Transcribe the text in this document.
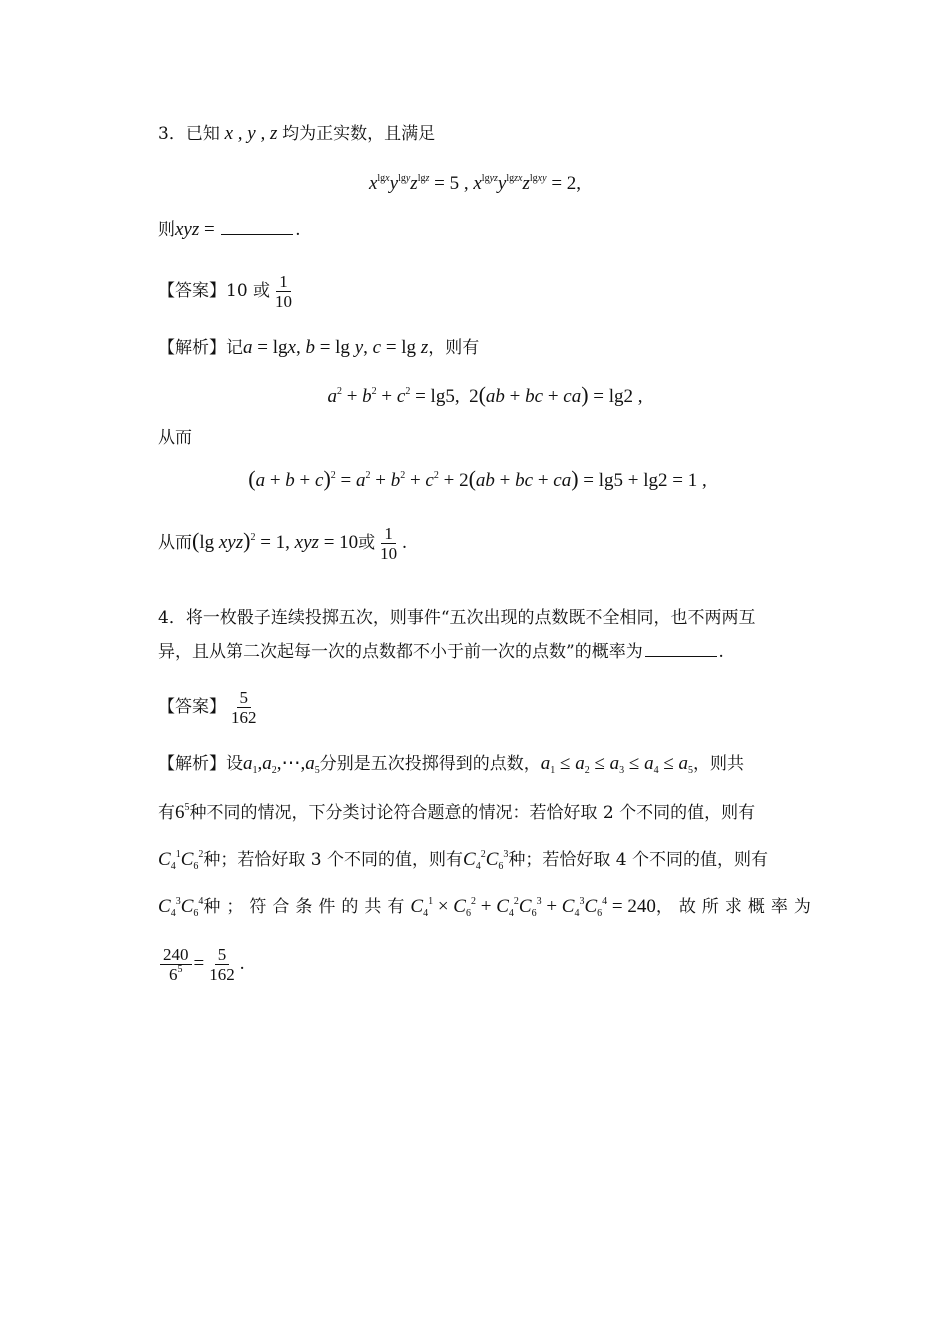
3．已知 x , y , z 均为正实数，且满足
$x^{lgx}y^{lgy}z^{lgz} = 5$ , $x^{lgyz}y^{lgzx}z^{lgxy} = 2$,
则xyz =	.
【答案】10 或 $\frac{1}{10}$
【解析】记a = lgx, b = lg y, c = lg z，则有
$a^2 + b^2 + c^2 = \lg 5$,  2(ab + bc + ca) = lg2 ,
从而
$(a + b + c)^2 = a^2 + b^2 + c^2 + 2(ab$ + bc + ca) = lg5 + lg2 = 1 ,
从而(lg xyz)$^2$ = 1, xyz = 10或 $\frac{1}{10}$ .
4．将一枚骰子连续投掷五次，则事件“五次出现的点数既不全相同，也不两两互
异，且从第二次起每一次的点数都不小于前一次的点数”的概率为	.
【答案】 $\frac{5}{162}$
【解析】设$a_1,a_2,\cdots,a_5$分别是五次投掷得到的点数，$a_1 \le a_2 \le a_3 \le a_4 \le a_5$，则共
有$6^5$种不同的情况，下分类讨论符合题意的情况：若恰好取 2 个不同的值，则有
$C_4^1C_6^2$种；若恰好取 3 个不同的值，则有$C_4^2C_6^3$种；若恰好取 4 个不同的值，则有
$C_4^3C_6^4$种；符合条件的共有$C_4^1 \times C_6^2 + C_4^2C_6^3 + C_4^3C_6^4 = 240$，故所求概率为
$\frac{240}{6^5} = \frac{5}{162}$ .
